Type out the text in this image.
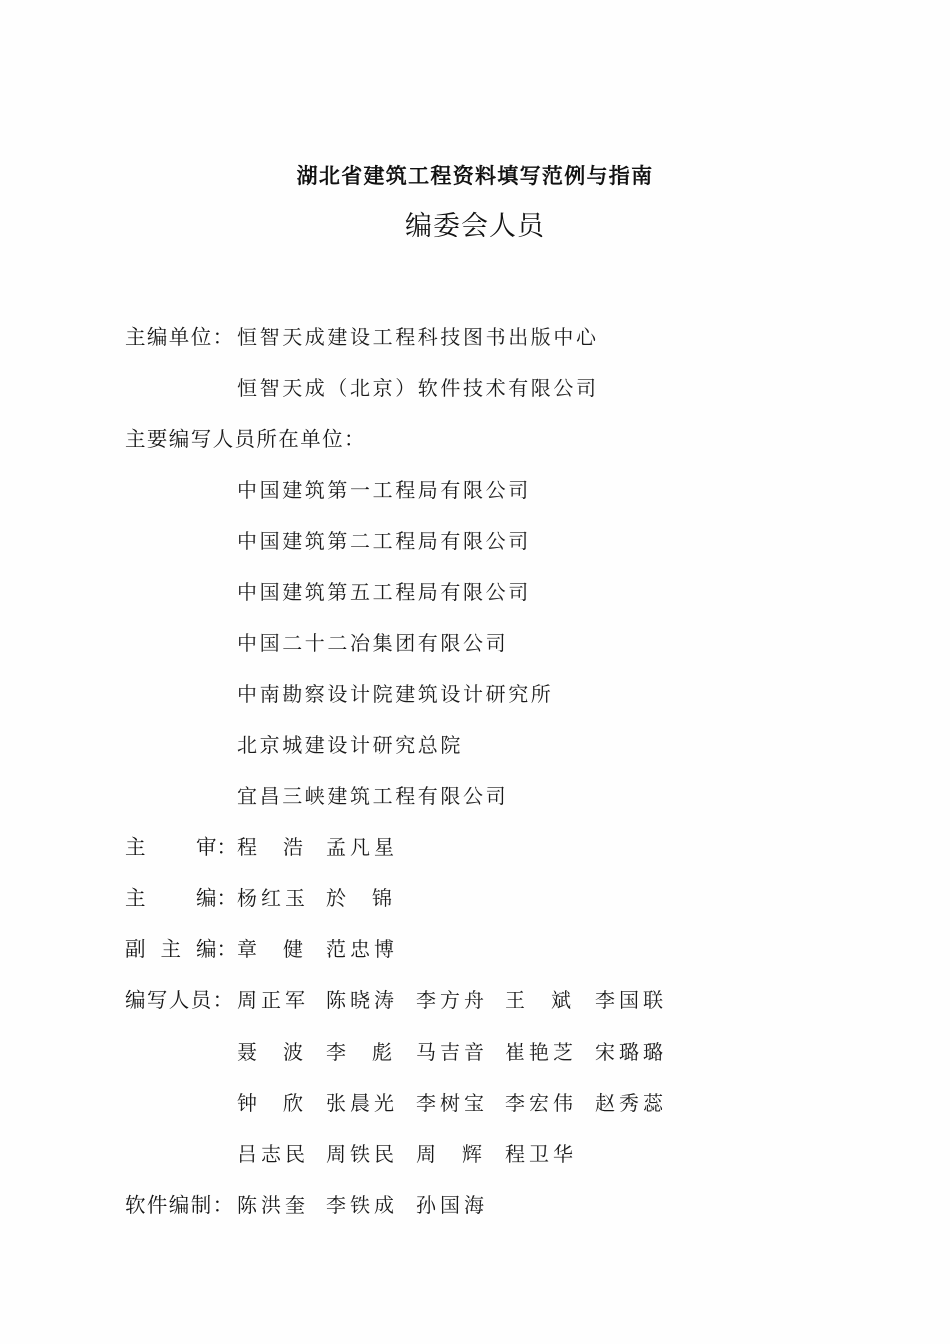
湖北省建筑工程资料填写范例与指南
编委会人员
主编单位： 恒智天成建设工程科技图书出版中心
恒智天成（北京）软件技术有限公司
主要编写人员所在单位：
中国建筑第一工程局有限公司
中国建筑第二工程局有限公司
中国建筑第五工程局有限公司
中国二十二冶集团有限公司
中南勘察设计院建筑设计研究所
北京城建设计研究总院
宜昌三峡建筑工程有限公司
主 审： 程 浩 孟 凡 星
主 编： 杨 红 玉 於 锦
副 主 编： 章 健 范 忠 博
编写人员： 周 正 军 陈 晓 涛 李 方 舟 王 斌 李 国 联
聂 波 李 彪 马 吉 音 崔 艳 芝 宋 璐 璐
钟 欣 张 晨 光 李 树 宝 李 宏 伟 赵 秀 蕊
吕 志 民 周 铁 民 周 辉 程 卫 华
软件编制： 陈 洪 奎 李 铁 成 孙 国 海
